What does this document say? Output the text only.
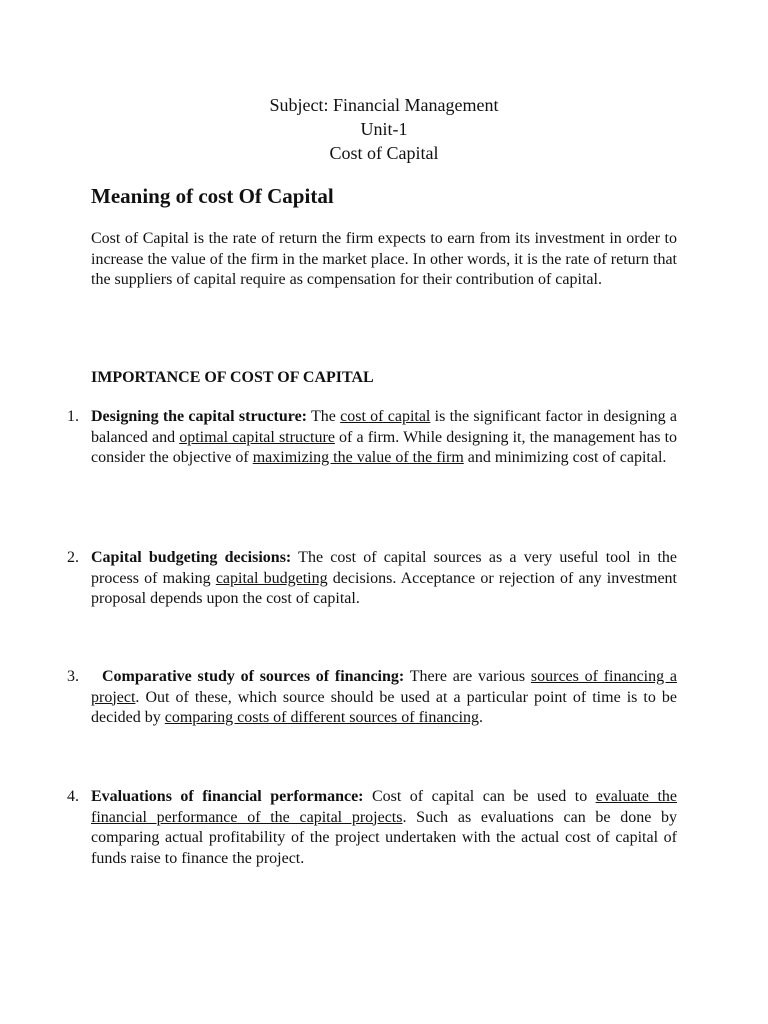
Subject: Financial Management
Unit-1
Cost of Capital
Meaning of cost Of Capital

Cost of Capital is the rate of return the firm expects to earn from its investment in order to increase the value of the firm in the market place. In other words, it is the rate of return that the suppliers of capital require as compensation for their contribution of capital.

IMPORTANCE OF COST OF CAPITAL
1. Designing the capital structure: The cost of capital is the significant factor in designing a balanced and optimal capital structure of a firm. While designing it, the management has to consider the objective of maximizing the value of the firm and minimizing cost of capital.

2. Capital budgeting decisions: The cost of capital sources as a very useful tool in the process of making capital budgeting decisions. Acceptance or rejection of any investment proposal depends upon the cost of capital.

3.	Comparative study of sources of financing: There are various sources of financing a project. Out of these, which source should be used at a particular point of time is to be decided by comparing costs of different sources of financing.

4. Evaluations of financial performance: Cost of capital can be used to evaluate the financial performance of the capital projects. Such as evaluations can be done by comparing actual profitability of the project undertaken with the actual cost of capital of funds raise to finance the project.
